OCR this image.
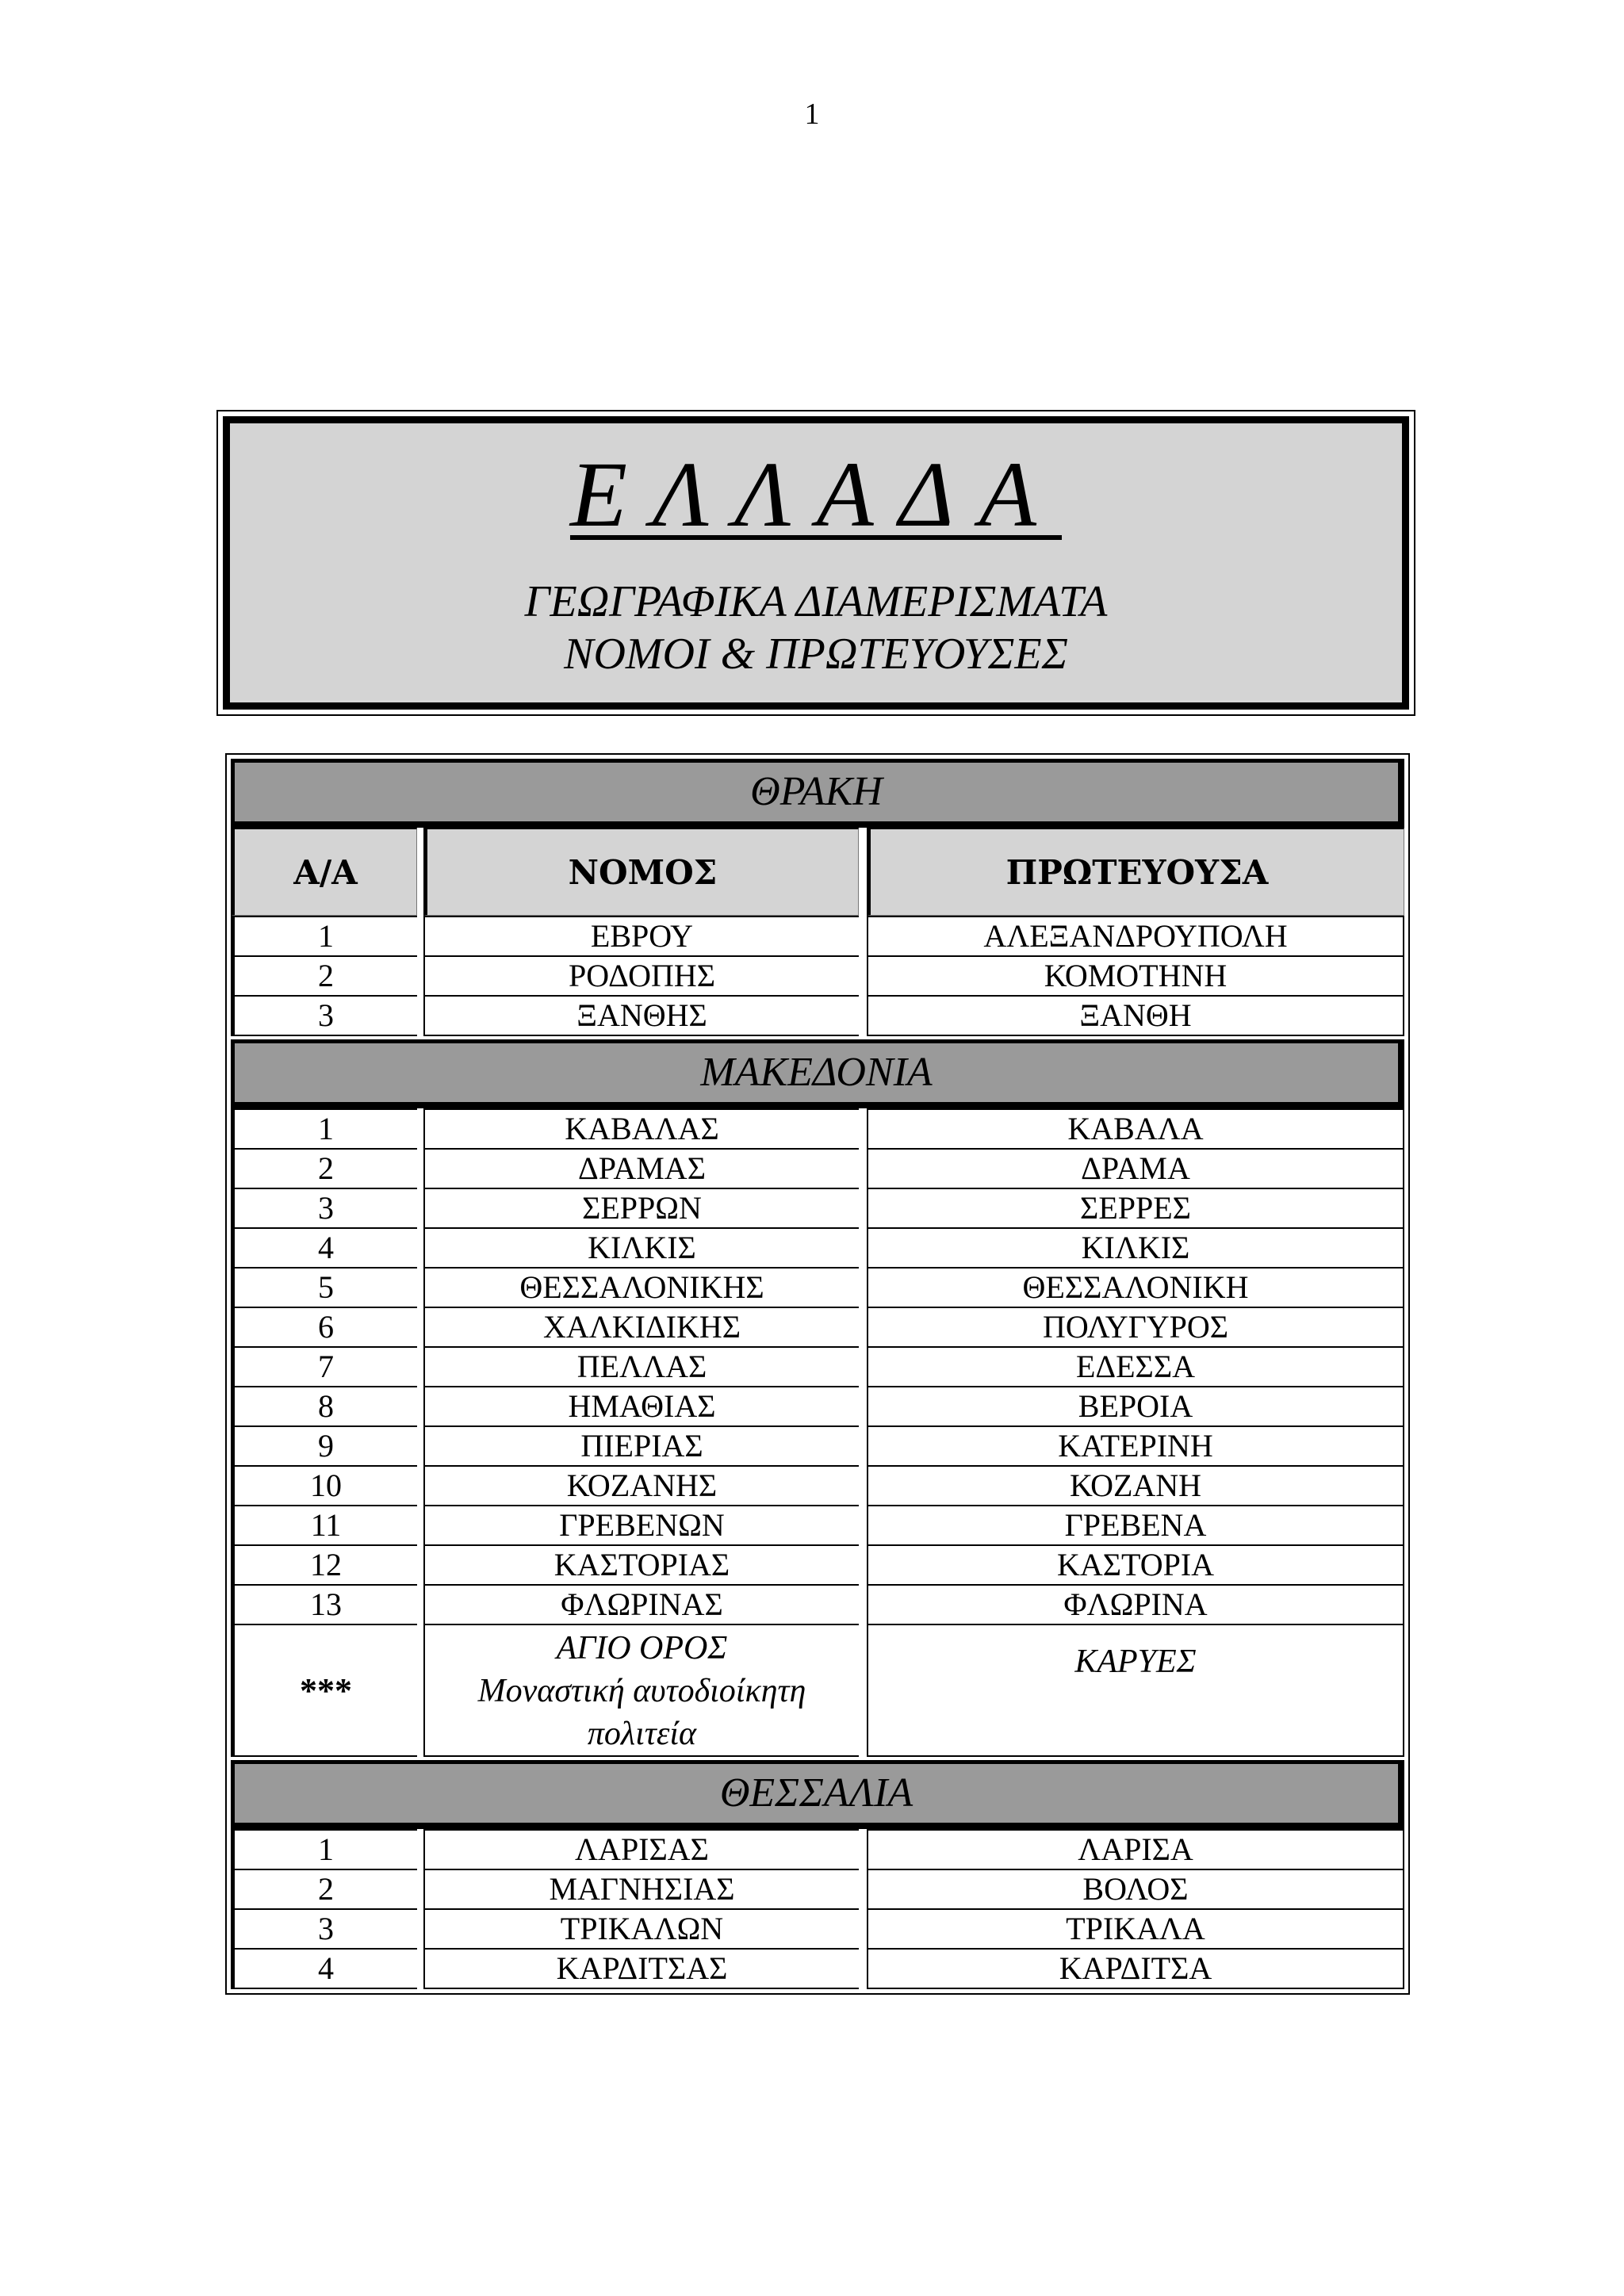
1
ΕΛΛΑΔΑ
ΓΕΩΓΡΑΦΙΚΑ ΔΙΑΜΕΡΙΣΜΑΤΑ
ΝΟΜΟΙ & ΠΡΩΤΕΥΟΥΣΕΣ
ΘΡΑΚΗ				
Α/Α		ΝΟΜΟΣ		ΠΡΩΤΕΥΟΥΣΑ
1		ΕΒΡΟΥ		ΑΛΕΞΑΝΔΡΟΥΠΟΛΗ
2		ΡΟΔΟΠΗΣ		ΚΟΜΟΤΗΝΗ
3		ΞΑΝΘΗΣ		ΞΑΝΘΗ

ΜΑΚΕΔΟΝΙΑ				
1		ΚΑΒΑΛΑΣ		ΚΑΒΑΛΑ
2		ΔΡΑΜΑΣ		ΔΡΑΜΑ
3		ΣΕΡΡΩΝ		ΣΕΡΡΕΣ
4		ΚΙΛΚΙΣ		ΚΙΛΚΙΣ
5		ΘΕΣΣΑΛΟΝΙΚΗΣ		ΘΕΣΣΑΛΟΝΙΚΗ
6		ΧΑΛΚΙΔΙΚΗΣ		ΠΟΛΥΓΥΡΟΣ
7		ΠΕΛΛΑΣ		ΕΔΕΣΣΑ
8		ΗΜΑΘΙΑΣ		ΒΕΡΟΙΑ
9		ΠΙΕΡΙΑΣ		ΚΑΤΕΡΙΝΗ
10		ΚΟΖΑΝΗΣ		ΚΟΖΑΝΗ
11		ΓΡΕΒΕΝΩΝ		ΓΡΕΒΕΝΑ
12		ΚΑΣΤΟΡΙΑΣ		ΚΑΣΤΟΡΙΑ
13		ΦΛΩΡΙΝΑΣ		ΦΛΩΡΙΝΑ
***		ΑΓΙΟ ΟΡΟΣ
Μοναστική αυτοδιοίκητη
πολιτεία		ΚΑΡΥΕΣ

ΘΕΣΣΑΛΙΑ				
1		ΛΑΡΙΣΑΣ		ΛΑΡΙΣΑ
2		ΜΑΓΝΗΣΙΑΣ		ΒΟΛΟΣ
3		ΤΡΙΚΑΛΩΝ		ΤΡΙΚΑΛΑ
4		ΚΑΡΔΙΤΣΑΣ		ΚΑΡΔΙΤΣΑ
